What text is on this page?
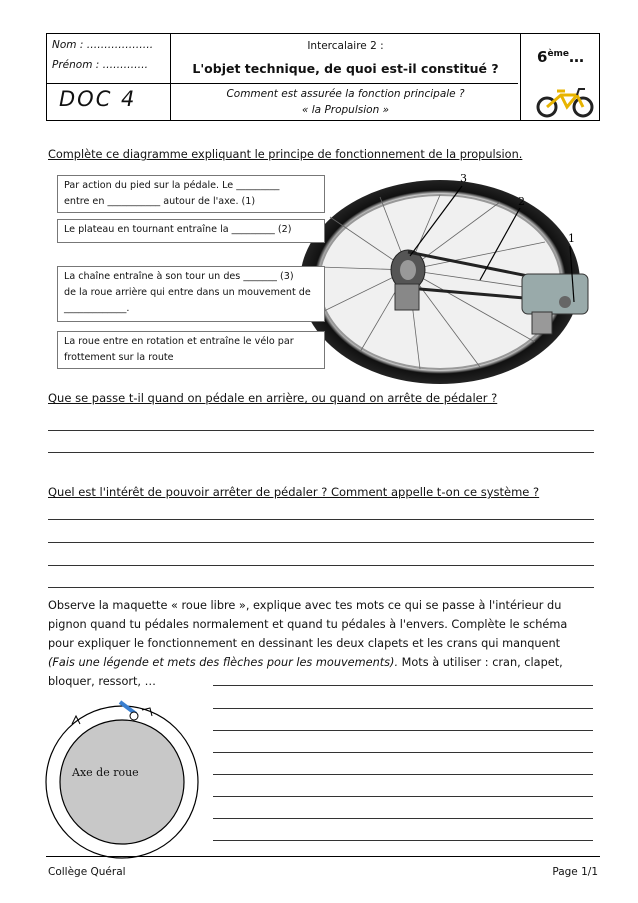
Nom : ……………….
Prénom : ………….
DOC 4
Intercalaire 2 :
L'objet technique, de quoi est-il constitué ?
Comment est assurée la fonction principale ?
« la Propulsion »
6ème…
Complète ce diagramme expliquant le principe de fonctionnement de la propulsion.
3
2
1
Par action du pied sur la pédale. Le _________
entre en ___________ autour de l'axe. (1)
Le plateau en tournant entraîne la _________ (2)
La chaîne entraîne à son tour un des _______ (3)
de la roue arrière qui entre dans un mouvement de
_____________.
La roue entre en rotation et entraîne le vélo par
frottement sur la route
Que se passe t-il quand on pédale en arrière, ou quand on arrête de pédaler ?
Quel est l'intérêt de pouvoir arrêter de pédaler ? Comment appelle t-on ce système ?
Observe la maquette « roue libre », explique avec tes mots ce qui se passe à l'intérieur du
pignon quand tu pédales normalement et quand tu pédales à l'envers. Complète le schéma
pour expliquer le fonctionnement en dessinant les deux clapets et les crans qui manquent
(Fais une légende et mets des flèches pour les mouvements). Mots à utiliser : cran, clapet,
bloquer, ressort, …
Axe de roue
Collège Quéral	Page 1/1
